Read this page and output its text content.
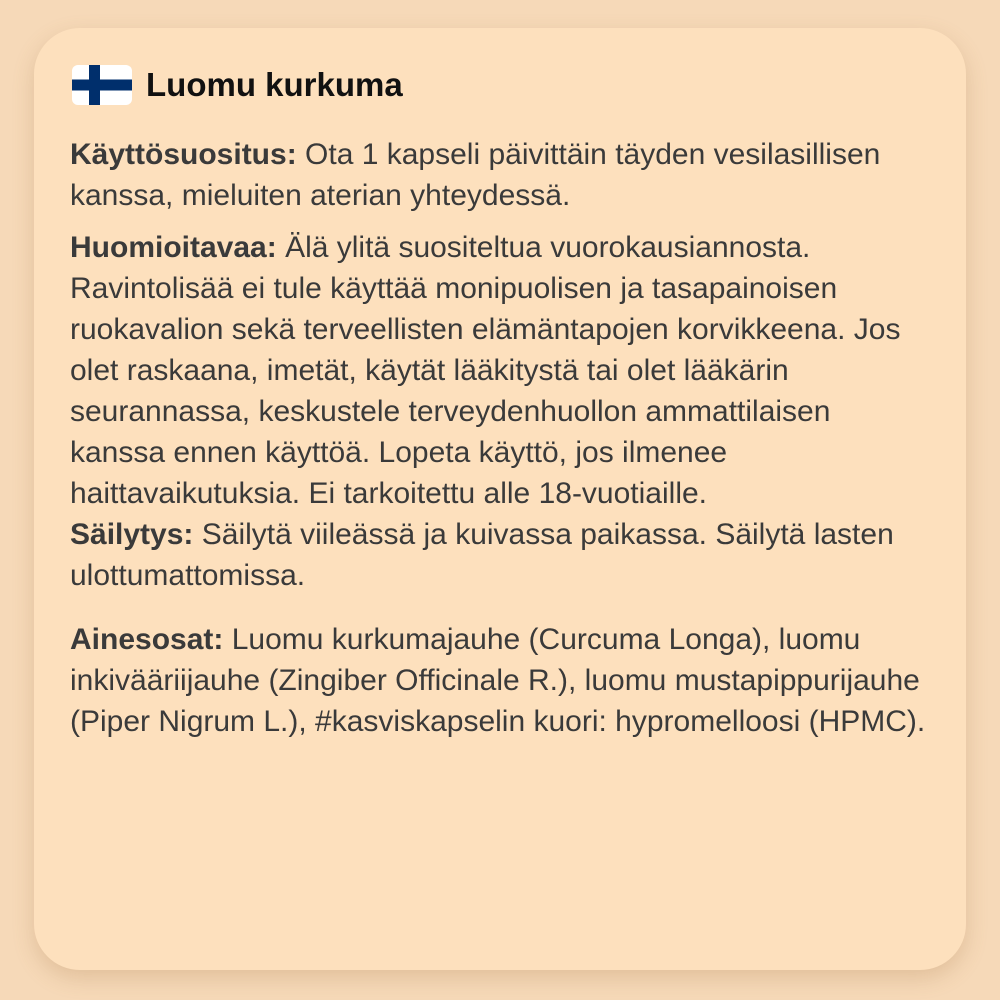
Luomu kurkuma

Käyttösuositus: Ota 1 kapseli päivittäin täyden vesilasillisen kanssa, mieluiten aterian yhteydessä.

Huomioitavaa: Älä ylitä suositeltua vuorokausiannosta. Ravintolisää ei tule käyttää monipuolisen ja tasapainoisen ruokavalion sekä terveellisten elämäntapojen korvikkeena. Jos olet raskaana, imetät, käytät lääkitystä tai olet lääkärin seurannassa, keskustele terveydenhuollon ammattilaisen kanssa ennen käyttöä. Lopeta käyttö, jos ilmenee haittavaikutuksia. Ei tarkoitettu alle 18-vuotiaille.

Säilytys: Säilytä viileässä ja kuivassa paikassa. Säilytä lasten ulottumattomissa.

Ainesosat: Luomu kurkumajauhe (Curcuma Longa), luomu inkivääriijauhe (Zingiber Officinale R.), luomu mustapippurijauhe (Piper Nigrum L.), #kasviskapselin kuori: hypromelloosi (HPMC).
